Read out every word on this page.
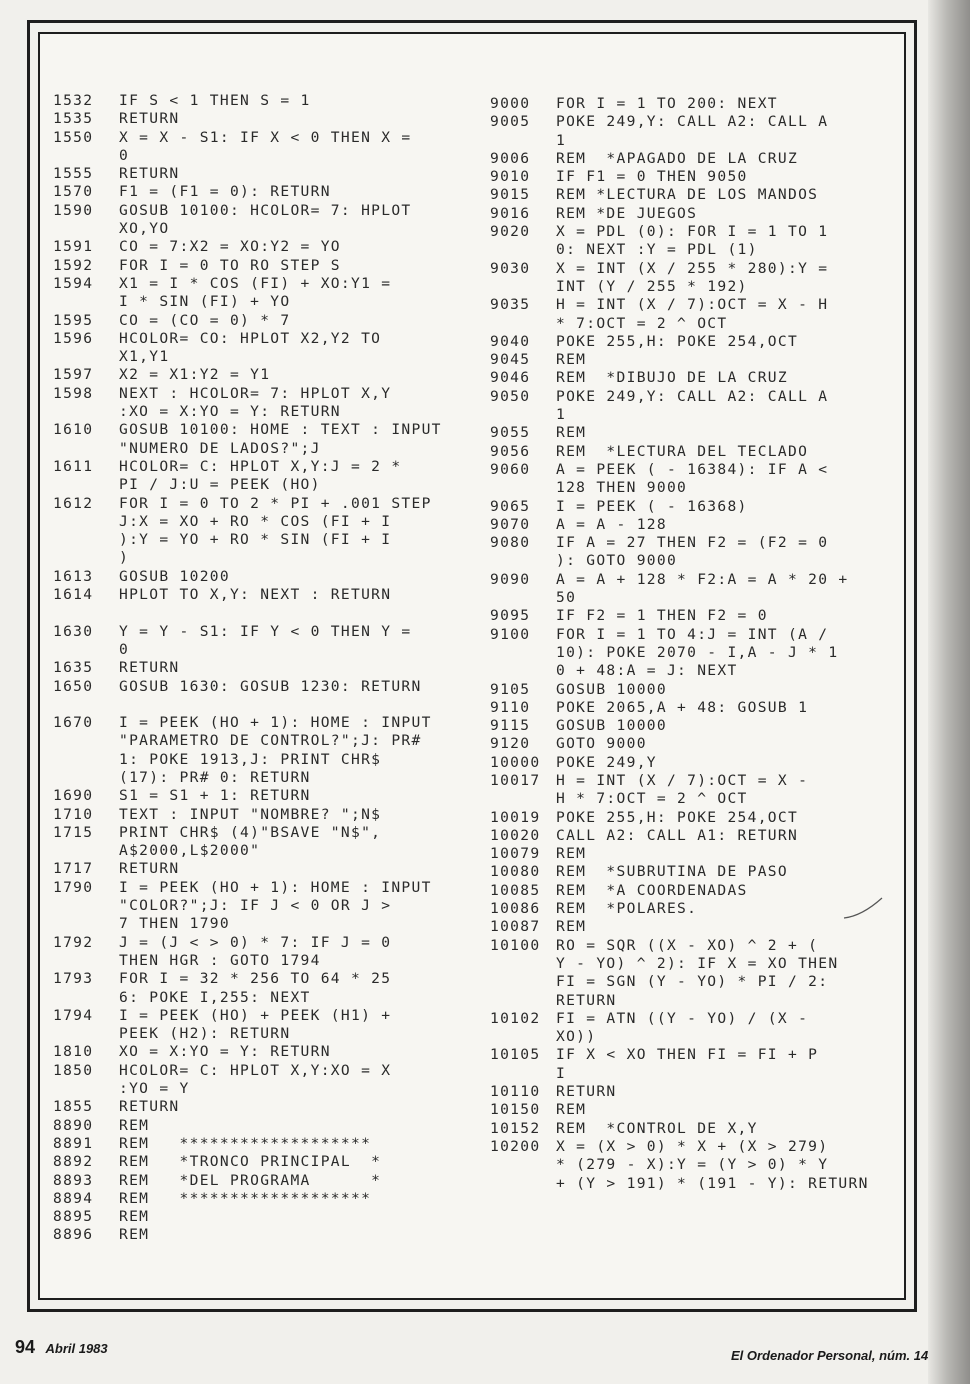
1532 IF S < 1 THEN S = 1
1535 RETURN
1550 X = X - S1: IF X < 0 THEN X =
0
1555 RETURN
1570 F1 = (F1 = 0): RETURN
1590 GOSUB 10100: HCOLOR= 7: HPLOT
XO,YO
1591 CO = 7:X2 = XO:Y2 = YO
1592 FOR I = 0 TO RO STEP S
1594 X1 = I * COS (FI) + XO:Y1 =
I * SIN (FI) + YO
1595 CO = (CO = 0) * 7
1596 HCOLOR= CO: HPLOT X2,Y2 TO
X1,Y1
1597 X2 = X1:Y2 = Y1
1598 NEXT : HCOLOR= 7: HPLOT X,Y
:XO = X:YO = Y: RETURN
1610 GOSUB 10100: HOME : TEXT : INPUT
"NUMERO DE LADOS?";J
1611 HCOLOR= C: HPLOT X,Y:J = 2 *
PI / J:U = PEEK (HO)
1612 FOR I = 0 TO 2 * PI + .001 STEP
J:X = XO + RO * COS (FI + I
):Y = YO + RO * SIN (FI + I
)
1613 GOSUB 10200
1614 HPLOT TO X,Y: NEXT : RETURN
1630 Y = Y - S1: IF Y < 0 THEN Y =
0
1635 RETURN
1650 GOSUB 1630: GOSUB 1230: RETURN
1670 I = PEEK (HO + 1): HOME : INPUT
"PARAMETRO DE CONTROL?";J: PR#
1: POKE 1913,J: PRINT CHR$
(17): PR# 0: RETURN
1690 S1 = S1 + 1: RETURN
1710 TEXT : INPUT "NOMBRE? ";N$
1715 PRINT CHR$ (4)"BSAVE "N$",
A$2000,L$2000"
1717 RETURN
1790 I = PEEK (HO + 1): HOME : INPUT
"COLOR?";J: IF J < 0 OR J >
7 THEN 1790
1792 J = (J < > 0) * 7: IF J = 0
THEN HGR : GOTO 1794
1793 FOR I = 32 * 256 TO 64 * 25
6: POKE I,255: NEXT
1794 I = PEEK (HO) + PEEK (H1) +
PEEK (H2): RETURN
1810 XO = X:YO = Y: RETURN
1850 HCOLOR= C: HPLOT X,Y:XO = X
:YO = Y
1855 RETURN
8890 REM
8891 REM   *******************
8892 REM   *TRONCO PRINCIPAL  *
8893 REM   *DEL PROGRAMA      *
8894 REM   *******************
8895 REM
8896 REM
9000 FOR I = 1 TO 200: NEXT
9005 POKE 249,Y: CALL A2: CALL A
1
9006 REM  *APAGADO DE LA CRUZ
9010 IF F1 = 0 THEN 9050
9015 REM *LECTURA DE LOS MANDOS
9016 REM *DE JUEGOS
9020 X = PDL (0): FOR I = 1 TO 1
0: NEXT :Y = PDL (1)
9030 X = INT (X / 255 * 280):Y =
INT (Y / 255 * 192)
9035 H = INT (X / 7):OCT = X - H
* 7:OCT = 2 ^ OCT
9040 POKE 255,H: POKE 254,OCT
9045 REM
9046 REM  *DIBUJO DE LA CRUZ
9050 POKE 249,Y: CALL A2: CALL A
1
9055 REM
9056 REM  *LECTURA DEL TECLADO
9060 A = PEEK ( - 16384): IF A <
128 THEN 9000
9065 I = PEEK ( - 16368)
9070 A = A - 128
9080 IF A = 27 THEN F2 = (F2 = 0
): GOTO 9000
9090 A = A + 128 * F2:A = A * 20 +
50
9095 IF F2 = 1 THEN F2 = 0
9100 FOR I = 1 TO 4:J = INT (A /
10): POKE 2070 - I,A - J * 1
0 + 48:A = J: NEXT
9105 GOSUB 10000
9110 POKE 2065,A + 48: GOSUB 1
9115 GOSUB 10000
9120 GOTO 9000
10000 POKE 249,Y
10017 H = INT (X / 7):OCT = X -
H * 7:OCT = 2 ^ OCT
10019 POKE 255,H: POKE 254,OCT
10020 CALL A2: CALL A1: RETURN
10079 REM
10080 REM  *SUBRUTINA DE PASO
10085 REM  *A COORDENADAS
10086 REM  *POLARES.
10087 REM
10100 RO = SQR ((X - XO) ^ 2 + (
Y - YO) ^ 2): IF X = XO THEN
FI = SGN (Y - YO) * PI / 2:
RETURN
10102 FI = ATN ((Y - YO) / (X -
XO))
10105 IF X < XO THEN FI = FI + P
I
10110 RETURN
10150 REM
10152 REM  *CONTROL DE X,Y
10200 X = (X > 0) * X + (X > 279)
* (279 - X):Y = (Y > 0) * Y
+ (Y > 191) * (191 - Y): RETURN
94 Abril 1983	El Ordenador Personal, núm. 14
